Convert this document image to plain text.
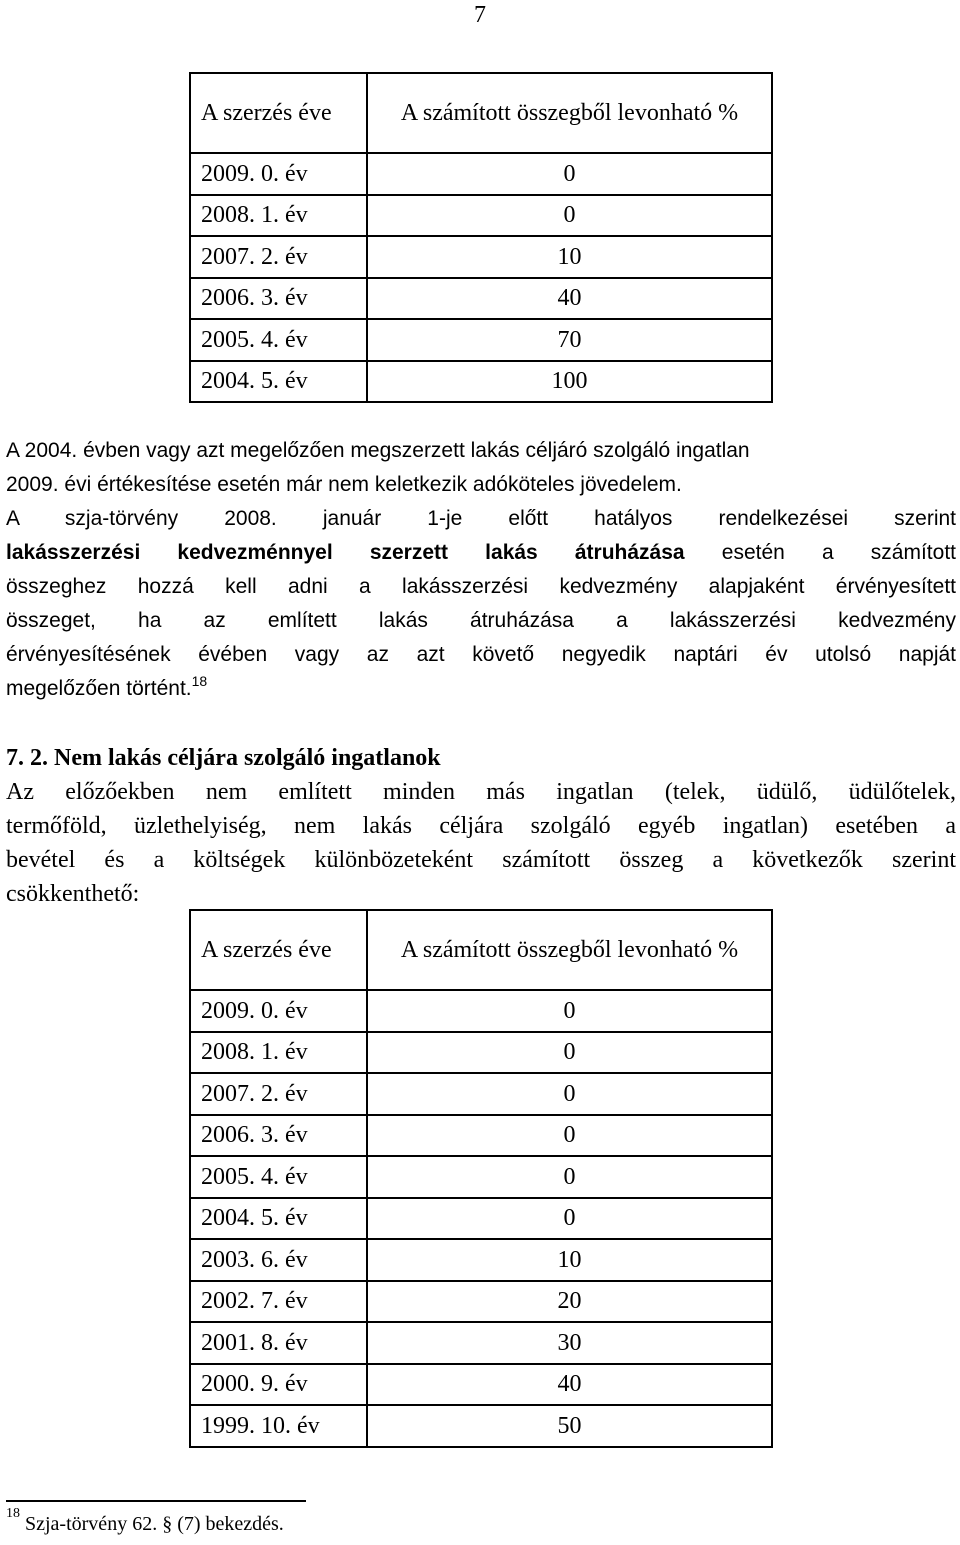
7
A szerzés éve	A számított összegből levonható %
2009. 0. év	0
2008. 1. év	0
2007. 2. év	10
2006. 3. év	40
2005. 4. év	70
2004. 5. év	100
A 2004. évben vagy azt megelőzően megszerzett lakás céljáró szolgáló ingatlan
2009. évi értékesítése esetén már nem keletkezik adóköteles jövedelem.
A szja-törvény 2008. január 1-je előtt hatályos rendelkezései szerint
lakásszerzési kedvezménnyel szerzett lakás átruházása esetén a számított
összeghez hozzá kell adni a lakásszerzési kedvezmény alapjaként érvényesített
összeget, ha az említett lakás átruházása a lakásszerzési kedvezmény
érvényesítésének évében vagy az azt követő negyedik naptári év utolsó napját
megelőzően történt.$^{18}$
7. 2. Nem lakás céljára szolgáló ingatlanok
Az előzőekben nem említett minden más ingatlan (telek, üdülő, üdülőtelek,
termőföld, üzlethelyiség, nem lakás céljára szolgáló egyéb ingatlan) esetében a
bevétel és a költségek különbözeteként számított összeg a következők szerint
csökkenthető:
A szerzés éve	A számított összegből levonható %
2009. 0. év	0
2008. 1. év	0
2007. 2. év	0
2006. 3. év	0
2005. 4. év	0
2004. 5. év	0
2003. 6. év	10
2002. 7. év	20
2001. 8. év	30
2000. 9. év	40
1999. 10. év	50
$^{18}$ Szja-törvény 62. § (7) bekezdés.
